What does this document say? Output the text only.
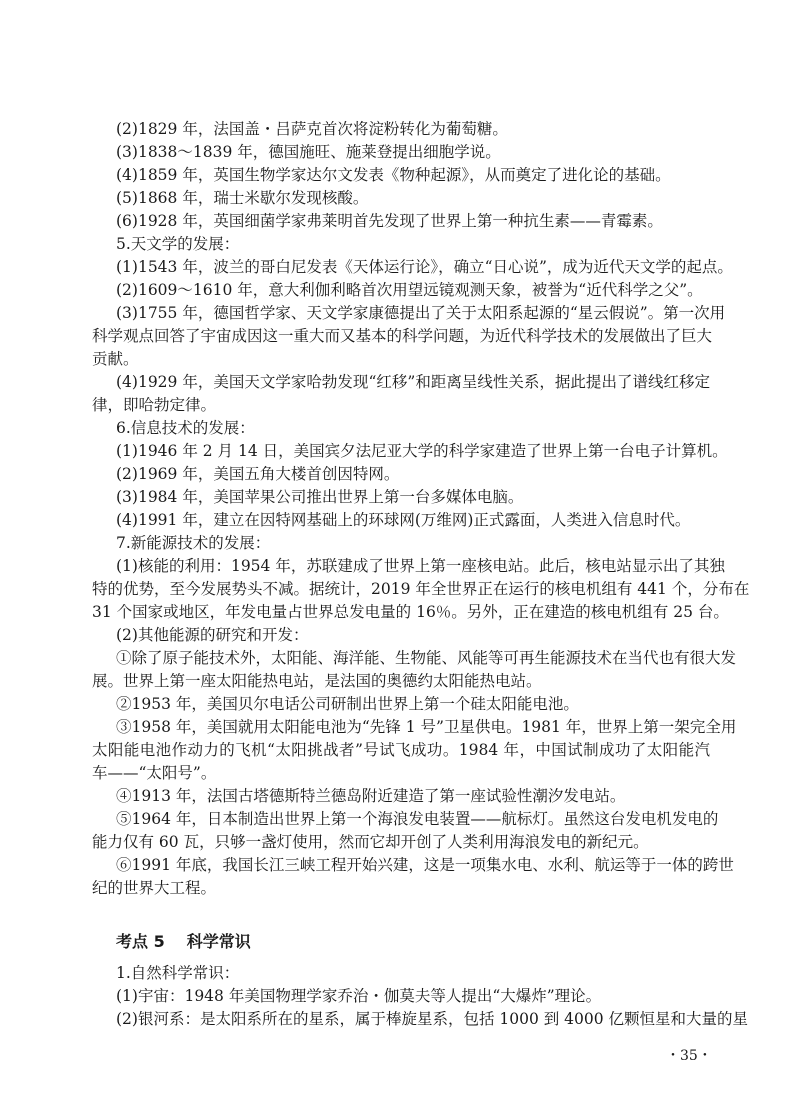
(2)1829 年，法国盖・吕萨克首次将淀粉转化为葡萄糖。
(3)1838～1839 年，德国施旺、施莱登提出细胞学说。
(4)1859 年，英国生物学家达尔文发表《物种起源》，从而奠定了进化论的基础。
(5)1868 年，瑞士米歇尔发现核酸。
(6)1928 年，英国细菌学家弗莱明首先发现了世界上第一种抗生素——青霉素。
5.天文学的发展：
(1)1543 年，波兰的哥白尼发表《天体运行论》，确立“日心说”，成为近代天文学的起点。
(2)1609～1610 年，意大利伽利略首次用望远镜观测天象，被誉为“近代科学之父”。
(3)1755 年，德国哲学家、天文学家康德提出了关于太阳系起源的“星云假说”。第一次用
科学观点回答了宇宙成因这一重大而又基本的科学问题，为近代科学技术的发展做出了巨大
贡献。
(4)1929 年，美国天文学家哈勃发现“红移”和距离呈线性关系，据此提出了谱线红移定
律，即哈勃定律。
6.信息技术的发展：
(1)1946 年 2 月 14 日，美国宾夕法尼亚大学的科学家建造了世界上第一台电子计算机。
(2)1969 年，美国五角大楼首创因特网。
(3)1984 年，美国苹果公司推出世界上第一台多媒体电脑。
(4)1991 年，建立在因特网基础上的环球网(万维网)正式露面，人类进入信息时代。
7.新能源技术的发展：
(1)核能的利用：1954 年，苏联建成了世界上第一座核电站。此后，核电站显示出了其独
特的优势，至今发展势头不减。据统计，2019 年全世界正在运行的核电机组有 441 个，分布在
31 个国家或地区，年发电量占世界总发电量的 16％。另外，正在建造的核电机组有 25 台。
(2)其他能源的研究和开发：
①除了原子能技术外，太阳能、海洋能、生物能、风能等可再生能源技术在当代也有很大发
展。世界上第一座太阳能热电站，是法国的奥德约太阳能热电站。
②1953 年，美国贝尔电话公司研制出世界上第一个硅太阳能电池。
③1958 年，美国就用太阳能电池为“先锋 1 号”卫星供电。1981 年，世界上第一架完全用
太阳能电池作动力的飞机“太阳挑战者”号试飞成功。1984 年，中国试制成功了太阳能汽
车——“太阳号”。
④1913 年，法国古塔德斯特兰德岛附近建造了第一座试验性潮汐发电站。
⑤1964 年，日本制造出世界上第一个海浪发电装置——航标灯。虽然这台发电机发电的
能力仅有 60 瓦，只够一盏灯使用，然而它却开创了人类利用海浪发电的新纪元。
⑥1991 年底，我国长江三峡工程开始兴建，这是一项集水电、水利、航运等于一体的跨世
纪的世界大工程。
考点 5 科学常识
1.自然科学常识：
(1)宇宙：1948 年美国物理学家乔治・伽莫夫等人提出“大爆炸”理论。
(2)银河系：是太阳系所在的星系，属于棒旋星系，包括 1000 到 4000 亿颗恒星和大量的星
・35・
